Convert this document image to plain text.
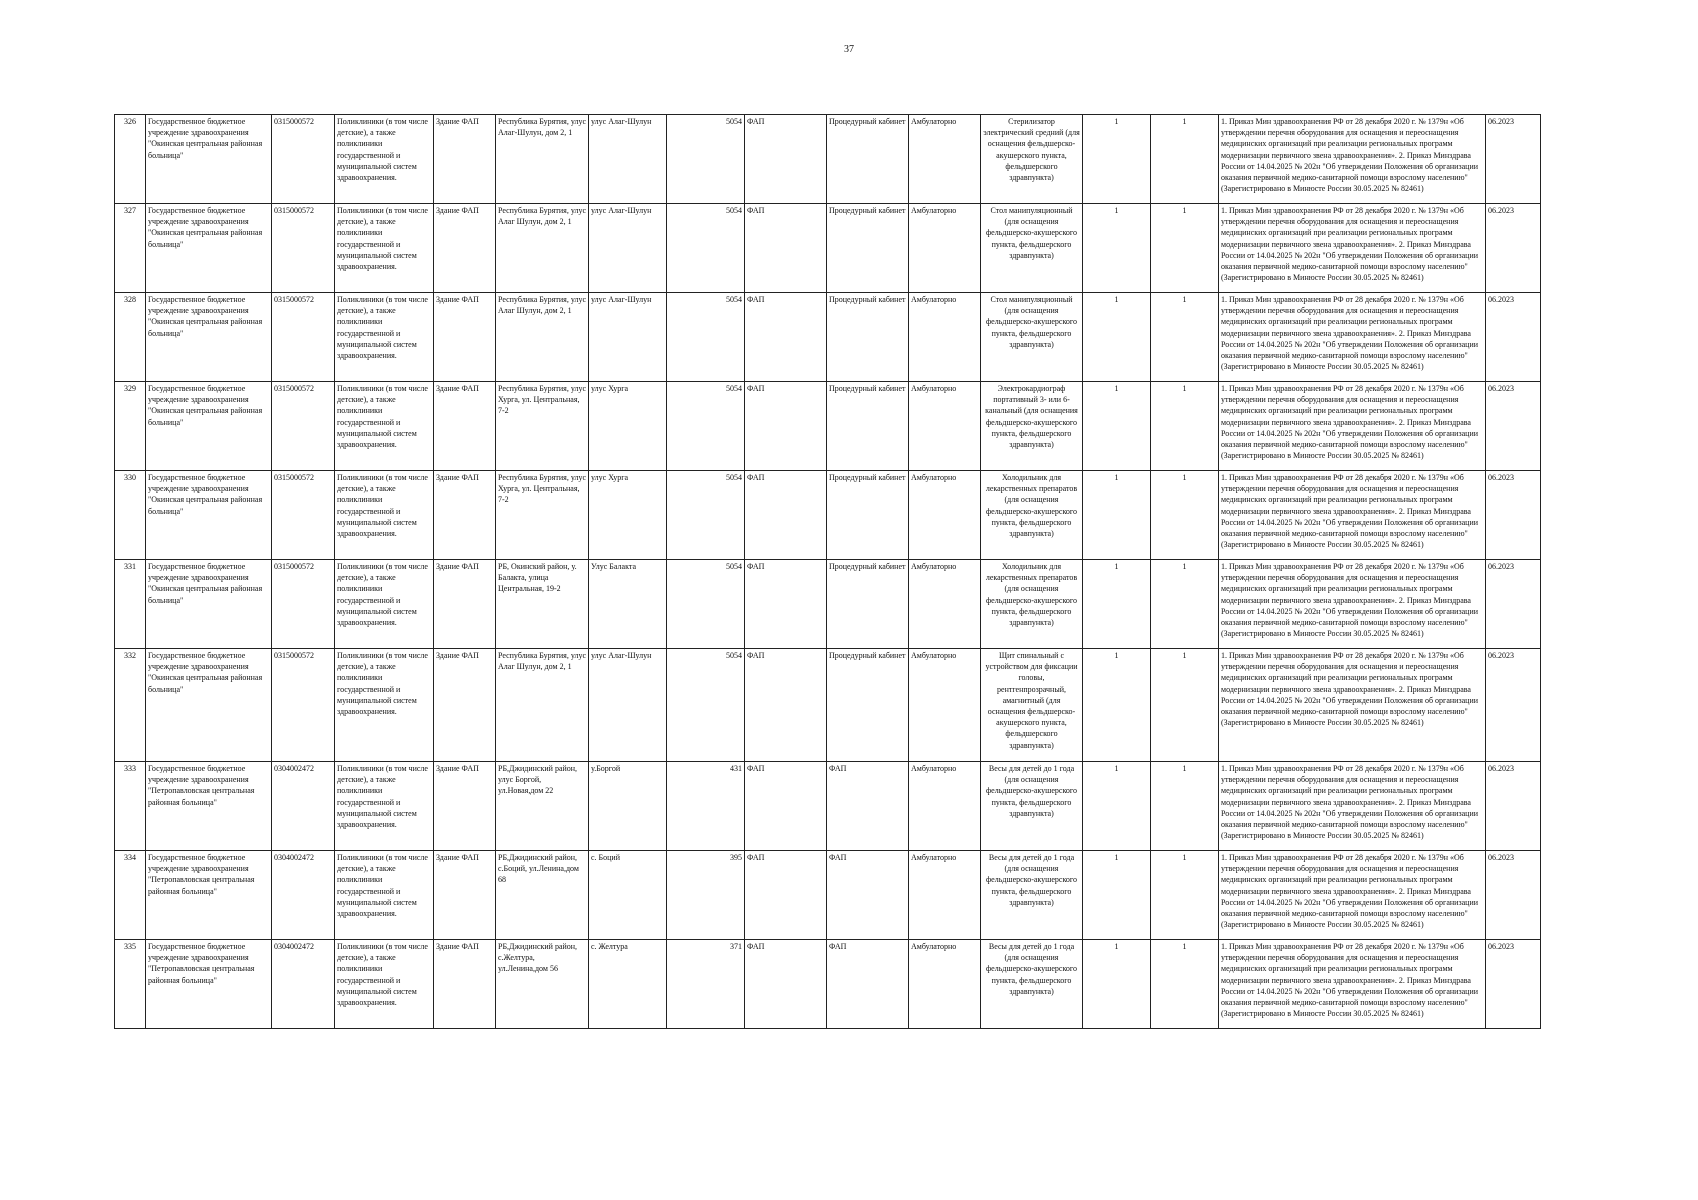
37
326	Государственное бюджетное учреждение здравоохранения "Окинская центральная районная больница"	0315000572	Поликлиники (в том числе детские), а также поликлиники государственной и муниципальной систем здравоохранения.	Здание ФАП	Республика Бурятия, улус Алаг-Шулун, дом 2, 1	улус Алаг-Шулун	5054	ФАП	Процедурный кабинет	Амбулаторно	Стерилизатор электрический средний (для оснащения фельдшерско-акушерского пункта, фельдшерского здравпункта)	1	1	1. Приказ Мин здравоохранения РФ от 28 декабря 2020 г. № 1379н «Об утверждении перечня оборудования для оснащения и переоснащения медицинских организаций при реализации региональных программ модернизации первичного звена здравоохранения». 2. Приказ Минздрава России от 14.04.2025 № 202н "Об утверждении Положения об организации оказания первичной медико-санитарной помощи взрослому населению" (Зарегистрировано в Минюсте России 30.05.2025 № 82461)	06.2023
327	Государственное бюджетное учреждение здравоохранения "Окинская центральная районная больница"	0315000572	Поликлиники (в том числе детские), а также поликлиники государственной и муниципальной систем здравоохранения.	Здание ФАП	Республика Бурятия, улус Алаг Шулун, дом 2, 1	улус Алаг-Шулун	5054	ФАП	Процедурный кабинет	Амбулаторно	Стол манипуляционный (для оснащения фельдшерско-акушерского пункта, фельдшерского здравпункта)	1	1	1. Приказ Мин здравоохранения РФ от 28 декабря 2020 г. № 1379н «Об утверждении перечня оборудования для оснащения и переоснащения медицинских организаций при реализации региональных программ модернизации первичного звена здравоохранения». 2. Приказ Минздрава России от 14.04.2025 № 202н "Об утверждении Положения об организации оказания первичной медико-санитарной помощи взрослому населению" (Зарегистрировано в Минюсте России 30.05.2025 № 82461)	06.2023
328	Государственное бюджетное учреждение здравоохранения "Окинская центральная районная больница"	0315000572	Поликлиники (в том числе детские), а также поликлиники государственной и муниципальной систем здравоохранения.	Здание ФАП	Республика Бурятия, улус Алаг Шулун, дом 2, 1	улус Алаг-Шулун	5054	ФАП	Процедурный кабинет	Амбулаторно	Стол манипуляционный (для оснащения фельдшерско-акушерского пункта, фельдшерского здравпункта)	1	1	1. Приказ Мин здравоохранения РФ от 28 декабря 2020 г. № 1379н «Об утверждении перечня оборудования для оснащения и переоснащения медицинских организаций при реализации региональных программ модернизации первичного звена здравоохранения». 2. Приказ Минздрава России от 14.04.2025 № 202н "Об утверждении Положения об организации оказания первичной медико-санитарной помощи взрослому населению" (Зарегистрировано в Минюсте России 30.05.2025 № 82461)	06.2023
329	Государственное бюджетное учреждение здравоохранения "Окинская центральная районная больница"	0315000572	Поликлиники (в том числе детские), а также поликлиники государственной и муниципальной систем здравоохранения.	Здание ФАП	Республика Бурятия, улус Хурга, ул. Центральная, 7-2	улус Хурга	5054	ФАП	Процедурный кабинет	Амбулаторно	Электрокардиограф портативный 3- или 6-канальный (для оснащения фельдшерско-акушерского пункта, фельдшерского здравпункта)	1	1	1. Приказ Мин здравоохранения РФ от 28 декабря 2020 г. № 1379н «Об утверждении перечня оборудования для оснащения и переоснащения медицинских организаций при реализации региональных программ модернизации первичного звена здравоохранения». 2. Приказ Минздрава России от 14.04.2025 № 202н "Об утверждении Положения об организации оказания первичной медико-санитарной помощи взрослому населению" (Зарегистрировано в Минюсте России 30.05.2025 № 82461)	06.2023
330	Государственное бюджетное учреждение здравоохранения "Окинская центральная районная больница"	0315000572	Поликлиники (в том числе детские), а также поликлиники государственной и муниципальной систем здравоохранения.	Здание ФАП	Республика Бурятия, улус Хурга, ул. Центральная, 7-2	улус Хурга	5054	ФАП	Процедурный кабинет	Амбулаторно	Холодильник для лекарственных препаратов (для оснащения фельдшерско-акушерского пункта, фельдшерского здравпункта)	1	1	1. Приказ Мин здравоохранения РФ от 28 декабря 2020 г. № 1379н «Об утверждении перечня оборудования для оснащения и переоснащения медицинских организаций при реализации региональных программ модернизации первичного звена здравоохранения». 2. Приказ Минздрава России от 14.04.2025 № 202н "Об утверждении Положения об организации оказания первичной медико-санитарной помощи взрослому населению" (Зарегистрировано в Минюсте России 30.05.2025 № 82461)	06.2023
331	Государственное бюджетное учреждение здравоохранения "Окинская центральная районная больница"	0315000572	Поликлиники (в том числе детские), а также поликлиники государственной и муниципальной систем здравоохранения.	Здание ФАП	РБ, Окинский район, у. Балакта, улица Центральная, 19-2	Улус Балакта	5054	ФАП	Процедурный кабинет	Амбулаторно	Холодильник для лекарственных препаратов (для оснащения фельдшерско-акушерского пункта, фельдшерского здравпункта)	1	1	1. Приказ Мин здравоохранения РФ от 28 декабря 2020 г. № 1379н «Об утверждении перечня оборудования для оснащения и переоснащения медицинских организаций при реализации региональных программ модернизации первичного звена здравоохранения». 2. Приказ Минздрава России от 14.04.2025 № 202н "Об утверждении Положения об организации оказания первичной медико-санитарной помощи взрослому населению" (Зарегистрировано в Минюсте России 30.05.2025 № 82461)	06.2023
332	Государственное бюджетное учреждение здравоохранения "Окинская центральная районная больница"	0315000572	Поликлиники (в том числе детские), а также поликлиники государственной и муниципальной систем здравоохранения.	Здание ФАП	Республика Бурятия, улус Алаг Шулун, дом 2, 1	улус Алаг-Шулун	5054	ФАП	Процедурный кабинет	Амбулаторно	Щит спинальный с устройством для фиксации головы, рентгенпрозрачный, амагнитный (для оснащения фельдшерско-акушерского пункта, фельдшерского здравпункта)	1	1	1. Приказ Мин здравоохранения РФ от 28 декабря 2020 г. № 1379н «Об утверждении перечня оборудования для оснащения и переоснащения медицинских организаций при реализации региональных программ модернизации первичного звена здравоохранения». 2. Приказ Минздрава России от 14.04.2025 № 202н "Об утверждении Положения об организации оказания первичной медико-санитарной помощи взрослому населению" (Зарегистрировано в Минюсте России 30.05.2025 № 82461)	06.2023
333	Государственное бюджетное учреждение здравоохранения "Петропавловская центральная районная больница"	0304002472	Поликлиники (в том числе детские), а также поликлиники государственной и муниципальной систем здравоохранения.	Здание ФАП	РБ,Джидинский район, улус Боргой, ул.Новая,дом 22	у.Боргой	431	ФАП	ФАП	Амбулаторно	Весы для детей до 1 года (для оснащения фельдшерско-акушерского пункта, фельдшерского здравпункта)	1	1	1. Приказ Мин здравоохранения РФ от 28 декабря 2020 г. № 1379н «Об утверждении перечня оборудования для оснащения и переоснащения медицинских организаций при реализации региональных программ модернизации первичного звена здравоохранения». 2. Приказ Минздрава России от 14.04.2025 № 202н "Об утверждении Положения об организации оказания первичной медико-санитарной помощи взрослому населению" (Зарегистрировано в Минюсте России 30.05.2025 № 82461)	06.2023
334	Государственное бюджетное учреждение здравоохранения "Петропавловская центральная районная больница"	0304002472	Поликлиники (в том числе детские), а также поликлиники государственной и муниципальной систем здравоохранения.	Здание ФАП	РБ,Джидинский район, с.Боций, ул.Ленина,дом 68	с. Боций	395	ФАП	ФАП	Амбулаторно	Весы для детей до 1 года (для оснащения фельдшерско-акушерского пункта, фельдшерского здравпункта)	1	1	1. Приказ Мин здравоохранения РФ от 28 декабря 2020 г. № 1379н «Об утверждении перечня оборудования для оснащения и переоснащения медицинских организаций при реализации региональных программ модернизации первичного звена здравоохранения». 2. Приказ Минздрава России от 14.04.2025 № 202н "Об утверждении Положения об организации оказания первичной медико-санитарной помощи взрослому населению" (Зарегистрировано в Минюсте России 30.05.2025 № 82461)	06.2023
335	Государственное бюджетное учреждение здравоохранения "Петропавловская центральная районная больница"	0304002472	Поликлиники (в том числе детские), а также поликлиники государственной и муниципальной систем здравоохранения.	Здание ФАП	РБ,Джидинский район, с.Желтура, ул.Ленина,дом 56	с. Желтура	371	ФАП	ФАП	Амбулаторно	Весы для детей до 1 года (для оснащения фельдшерско-акушерского пункта, фельдшерского здравпункта)	1	1	1. Приказ Мин здравоохранения РФ от 28 декабря 2020 г. № 1379н «Об утверждении перечня оборудования для оснащения и переоснащения медицинских организаций при реализации региональных программ модернизации первичного звена здравоохранения». 2. Приказ Минздрава России от 14.04.2025 № 202н "Об утверждении Положения об организации оказания первичной медико-санитарной помощи взрослому населению" (Зарегистрировано в Минюсте России 30.05.2025 № 82461)	06.2023
